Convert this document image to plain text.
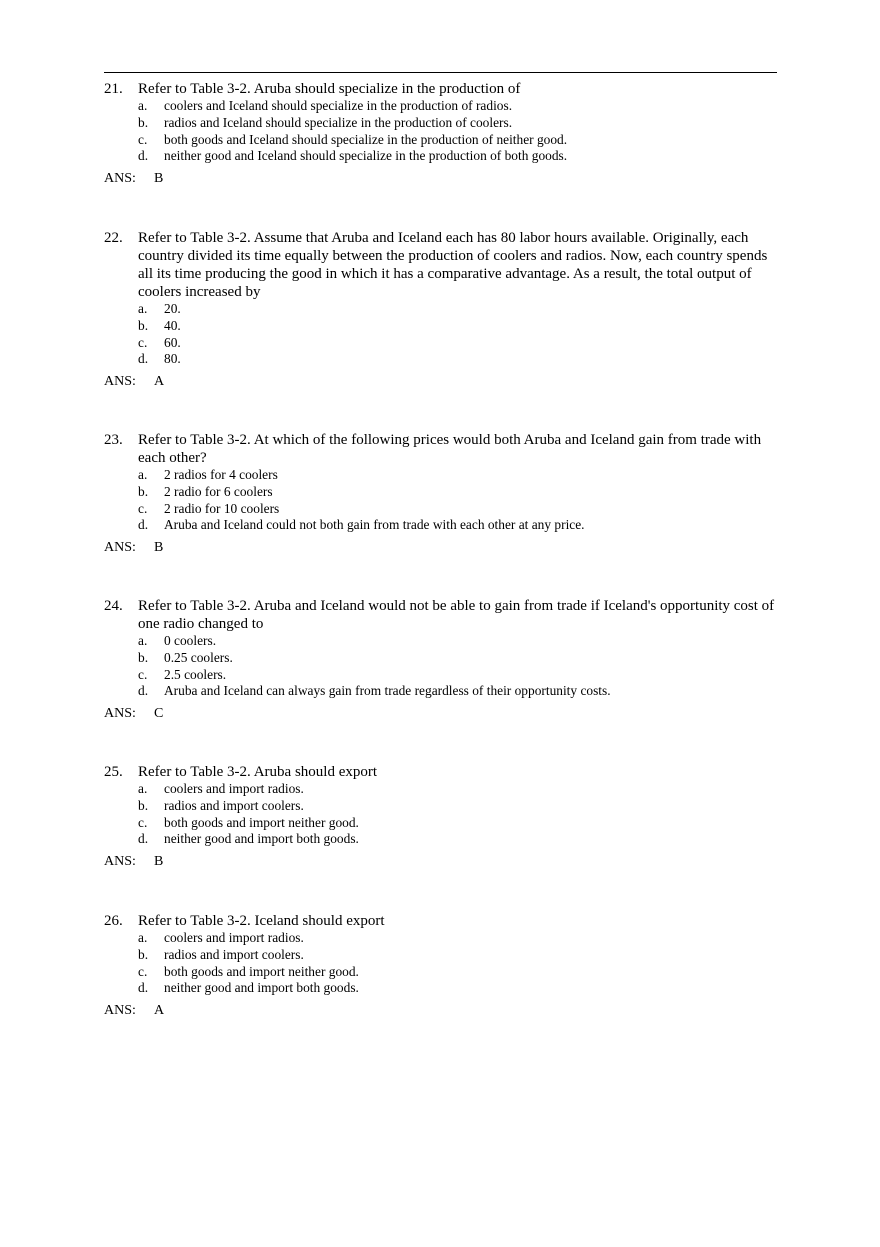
21.	Refer to Table 3-2. Aruba should specialize in the production of
a.	coolers and Iceland should specialize in the production of radios.
b.	radios and Iceland should specialize in the production of coolers.
c.	both goods and Iceland should specialize in the production of neither good.
d.	neither good and Iceland should specialize in the production of both goods.
ANS:	B
22.	Refer to Table 3-2. Assume that Aruba and Iceland each has 80 labor hours available. Originally, each country divided its time equally between the production of coolers and radios. Now, each country spends all its time producing the good in which it has a comparative advantage. As a result, the total output of coolers increased by
a.	20.
b.	40.
c.	60.
d.	80.
ANS:	A
23.	Refer to Table 3-2. At which of the following prices would both Aruba and Iceland gain from trade with each other?
a.	2 radios for 4 coolers
b.	2 radio for 6 coolers
c.	2 radio for 10 coolers
d.	Aruba and Iceland could not both gain from trade with each other at any price.
ANS:	B
24.	Refer to Table 3-2. Aruba and Iceland would not be able to gain from trade if Iceland's opportunity cost of one radio changed to
a.	0 coolers.
b.	0.25 coolers.
c.	2.5 coolers.
d.	Aruba and Iceland can always gain from trade regardless of their opportunity costs.
ANS:	C
25.	Refer to Table 3-2. Aruba should export
a.	coolers and import radios.
b.	radios and import coolers.
c.	both goods and import neither good.
d.	neither good and import both goods.
ANS:	B
26.	Refer to Table 3-2. Iceland should export
a.	coolers and import radios.
b.	radios and import coolers.
c.	both goods and import neither good.
d.	neither good and import both goods.
ANS:	A
